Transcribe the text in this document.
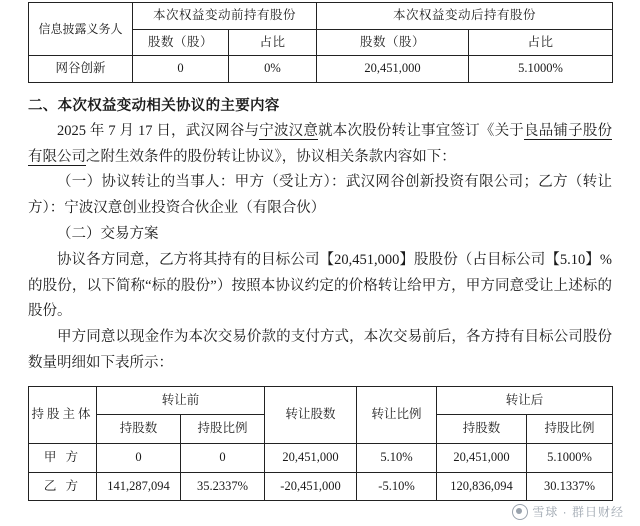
信息披露义务人	本次权益变动前持有股份		本次权益变动后持有股份	
	股数（股）	占比	股数（股）	占比
网谷创新	0	0%	20,451,000	5.1000%
二、本次权益变动相关协议的主要内容

2025 年 7 月 17 日，武汉网谷与宁波汉意就本次股份转让事宜签订《关于良品铺子股份有限公司之附生效条件的股份转让协议》，协议相关条款内容如下：

（一）协议转让的当事人：甲方（受让方）：武汉网谷创新投资有限公司；乙方（转让方）：宁波汉意创业投资合伙企业（有限合伙）

（二）交易方案

协议各方同意，乙方将其持有的目标公司【20,451,000】股股份（占目标公司【5.10】%的股份，以下简称“标的股份”）按照本协议约定的价格转让给甲方，甲方同意受让上述标的股份。

甲方同意以现金作为本次交易价款的支付方式，本次交易前后，各方持有目标公司股份数量明细如下表所示：

持股主体	转让前		转让股数	转让比例	转让后	
	持股数	持股比例			持股数	持股比例
甲 方	0	0	20,451,000	5.10%	20,451,000	5.1000%
乙 方	141,287,094	35.2337%	-20,451,000	-5.10%	120,836,094	30.1337%
雪球 · 群日财经
